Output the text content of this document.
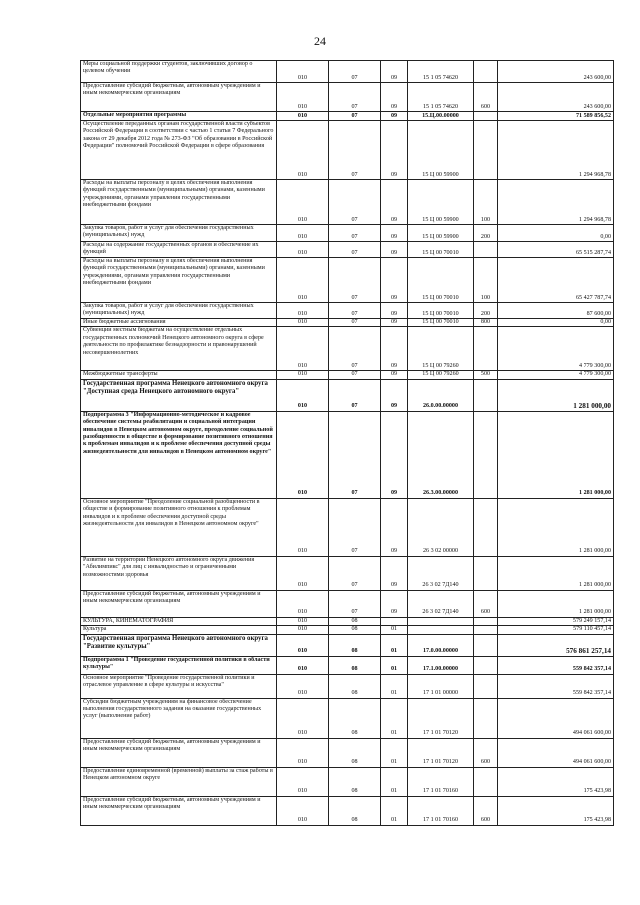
24
Меры социальной поддержки студентов, заключивших договор о целевом обучении	010	07	09	15 1 05 74620		243 600,00
Предоставление субсидий бюджетным, автономным учреждениям и иным некоммерческим организациям	010	07	09	15 1 05 74620	600	243 600,00
Отдельные мероприятия программы	010	07	09	15.Ц.00.00000		71 589 856,52
Осуществление переданных органам государственной власти субъектов Российской Федерации в соответствии с частью 1 статьи 7 Федерального закона от 29 декабря 2012 года № 273-ФЗ "Об образовании в Российской Федерации" полномочий Российской Федерации в сфере образования	010	07	09	15 Ц 00 59900		1 294 968,78
Расходы на выплаты персоналу в целях обеспечения выполнения функций государственными (муниципальными) органами, казенными учреждениями, органами управления государственными внебюджетными фондами	010	07	09	15 Ц 00 59900	100	1 294 968,78
Закупка товаров, работ и услуг для обеспечения государственных (муниципальных) нужд	010	07	09	15 Ц 00 59900	200	0,00
Расходы на содержание государственных органов и обеспечение их функций	010	07	09	15 Ц 00 70010		65 515 287,74
Расходы на выплаты персоналу в целях обеспечения выполнения функций государственными (муниципальными) органами, казенными учреждениями, органами управления государственными внебюджетными фондами	010	07	09	15 Ц 00 70010	100	65 427 787,74
Закупка товаров, работ и услуг для обеспечения государственных (муниципальных) нужд	010	07	09	15 Ц 00 70010	200	87 600,00
Иные бюджетные ассигнования	010	07	09	15 Ц 00 70010	800	0,00
Субвенции местным бюджетам на осуществление отдельных государственных полномочий Ненецкого автономного округа в сфере деятельности по профилактике безнадзорности и правонарушений несовершеннолетних	010	07	09	15 Ц 00 79260		4 779 300,00
Межбюджетные трансферты	010	07	09	15 Ц 00 79260	500	4 779 300,00
Государственная программа Ненецкого автономного округа "Доступная среда Ненецкого автономного округа"	010	07	09	26.0.00.00000		1 281 000,00
Подпрограмма 3 "Информационно-методическое и кадровое обеспечение системы реабилитации и социальной интеграции инвалидов в Ненецком автономном округе, преодоление социальной разобщенности в обществе и формирование позитивного отношения к проблемам инвалидов и к проблеме обеспечения доступной среды жизнедеятельности для инвалидов в Ненецком автономном округе"	010	07	09	26.3.00.00000		1 281 000,00
Основное мероприятие "Преодоление социальной разобщенности в обществе и формирование позитивного отношения к проблемам инвалидов и к проблеме обеспечения доступной среды жизнедеятельности для инвалидов в Ненецком автономном округе"	010	07	09	26 3 02 00000		1 281 000,00
Развитие на территории Ненецкого автономного округа движения "Абилимпикс" для лиц с инвалидностью и ограниченными возможностями здоровья	010	07	09	26 3 02 7Д140		1 281 000,00
Предоставление субсидий бюджетным, автономным учреждениям и иным некоммерческим организациям	010	07	09	26 3 02 7Д140	600	1 281 000,00
КУЛЬТУРА, КИНЕМАТОГРАФИЯ	010	08				579 249 157,14
Культура	010	08	01			579 110 457,14
Государственная программа Ненецкого автономного округа "Развитие культуры"	010	08	01	17.0.00.00000		576 861 257,14
Подпрограмма 1 "Проведение государственной политики в области культуры"	010	08	01	17.1.00.00000		559 842 357,14
Основное мероприятие "Проведение государственной политики и отраслевое управление в сфере культуры и искусства"	010	08	01	17 1 01 00000		559 842 357,14
Субсидии бюджетным учреждениям на финансовое обеспечение выполнения государственного задания на оказание государственных услуг (выполнение работ)	010	08	01	17 1 01 70120		494 061 600,00
Предоставление субсидий бюджетным, автономным учреждениям и иным некоммерческим организациям	010	08	01	17 1 01 70120	600	494 061 600,00
Предоставление единовременной (временной) выплаты за стаж работы в Ненецком автономном округе	010	08	01	17 1 01 70160		175 423,98
Предоставление субсидий бюджетным, автономным учреждениям и иным некоммерческим организациям	010	08	01	17 1 01 70160	600	175 423,98
